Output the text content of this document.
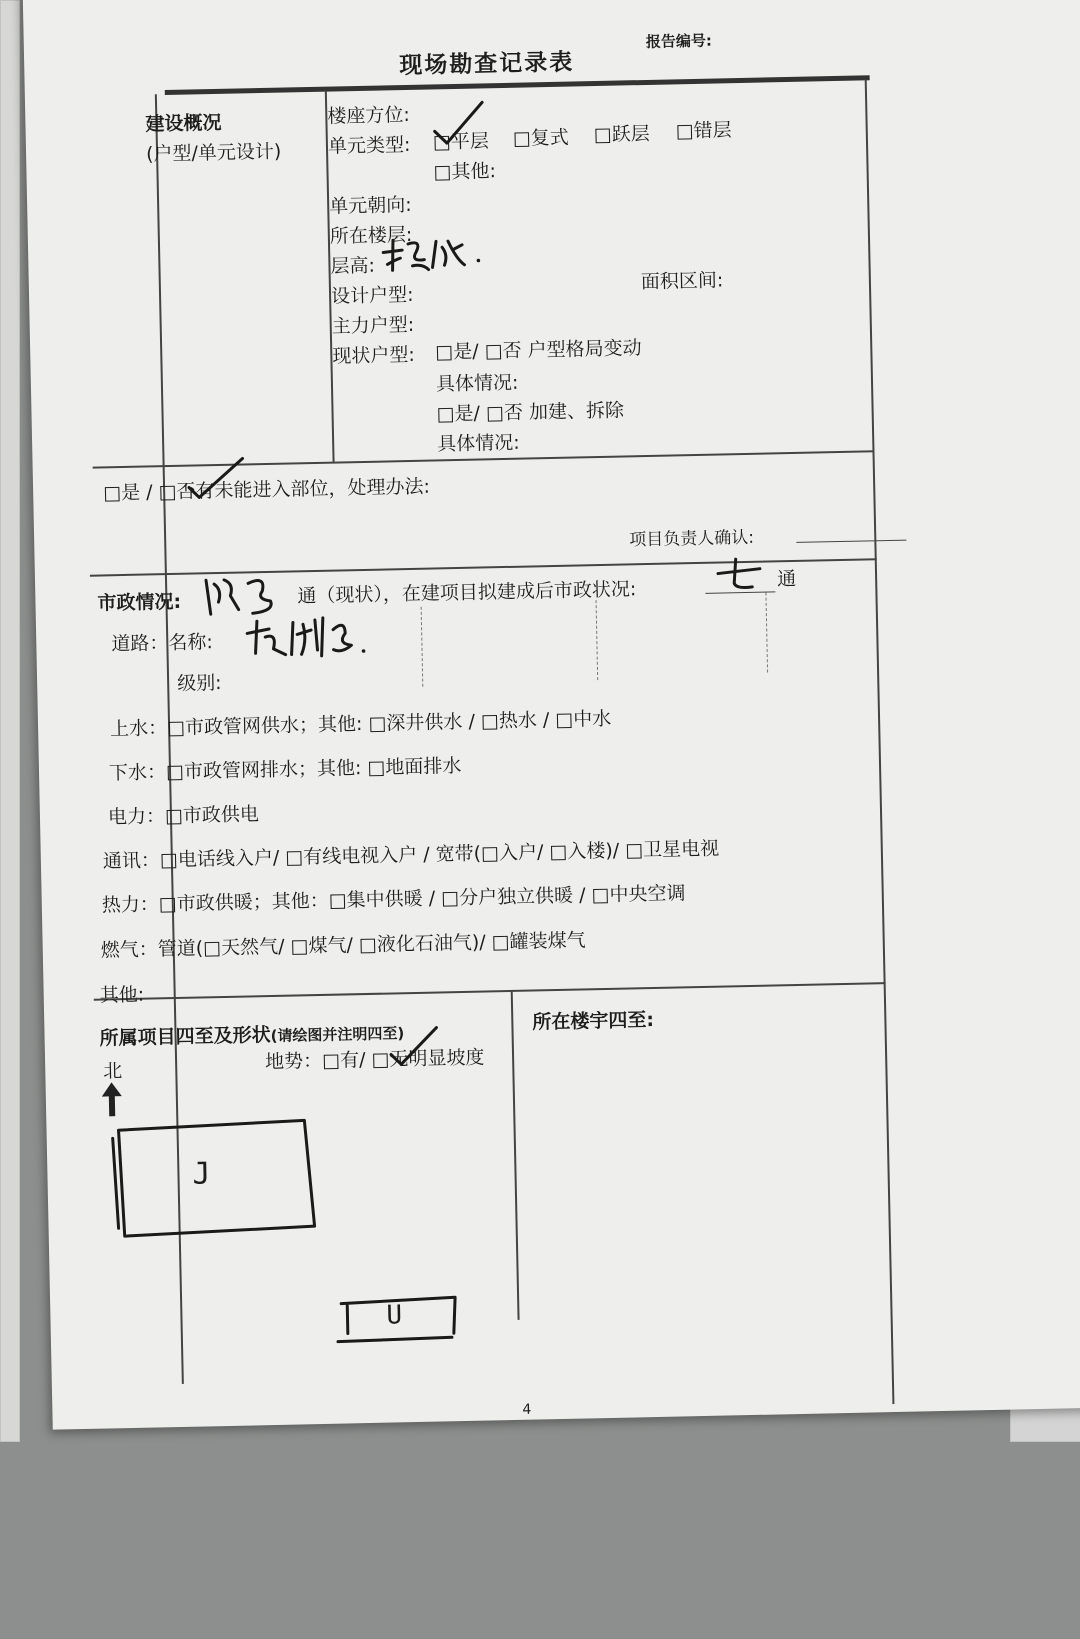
现场勘查记录表
报告编号:
建设概况
(户型/单元设计)
楼座方位:
单元类型: □平层 □复式 □跃层 □错层
□其他:
单元朝向:
所在楼层:
层高:
设计户型:
面积区间:
主力户型:
现状户型: □是/ □否 户型格局变动
具体情况:
□是/ □否 加建、拆除
具体情况:
□是 / □否有未能进入部位，处理办法:
项目负责人确认:
市政情况:	通（现状），在建项目拟建成后市政状况:	通
道路：名称:
级别:
上水：□市政管网供水；其他: □深井供水 / □热水 / □中水
下水：□市政管网排水；其他: □地面排水
电力：□市政供电
通讯：□电话线入户/ □有线电视入户 / 宽带(□入户/ □入楼)/ □卫星电视
热力：□市政供暖；其他：□集中供暖 / □分户独立供暖 / □中央空调
燃气：管道(□天然气/ □煤气/ □液化石油气)/ □罐装煤气
其他:
所属项目四至及形状(请绘图并注明四至)
所在楼宇四至:
北	地势：□有/ □无明显坡度
J
U
4
